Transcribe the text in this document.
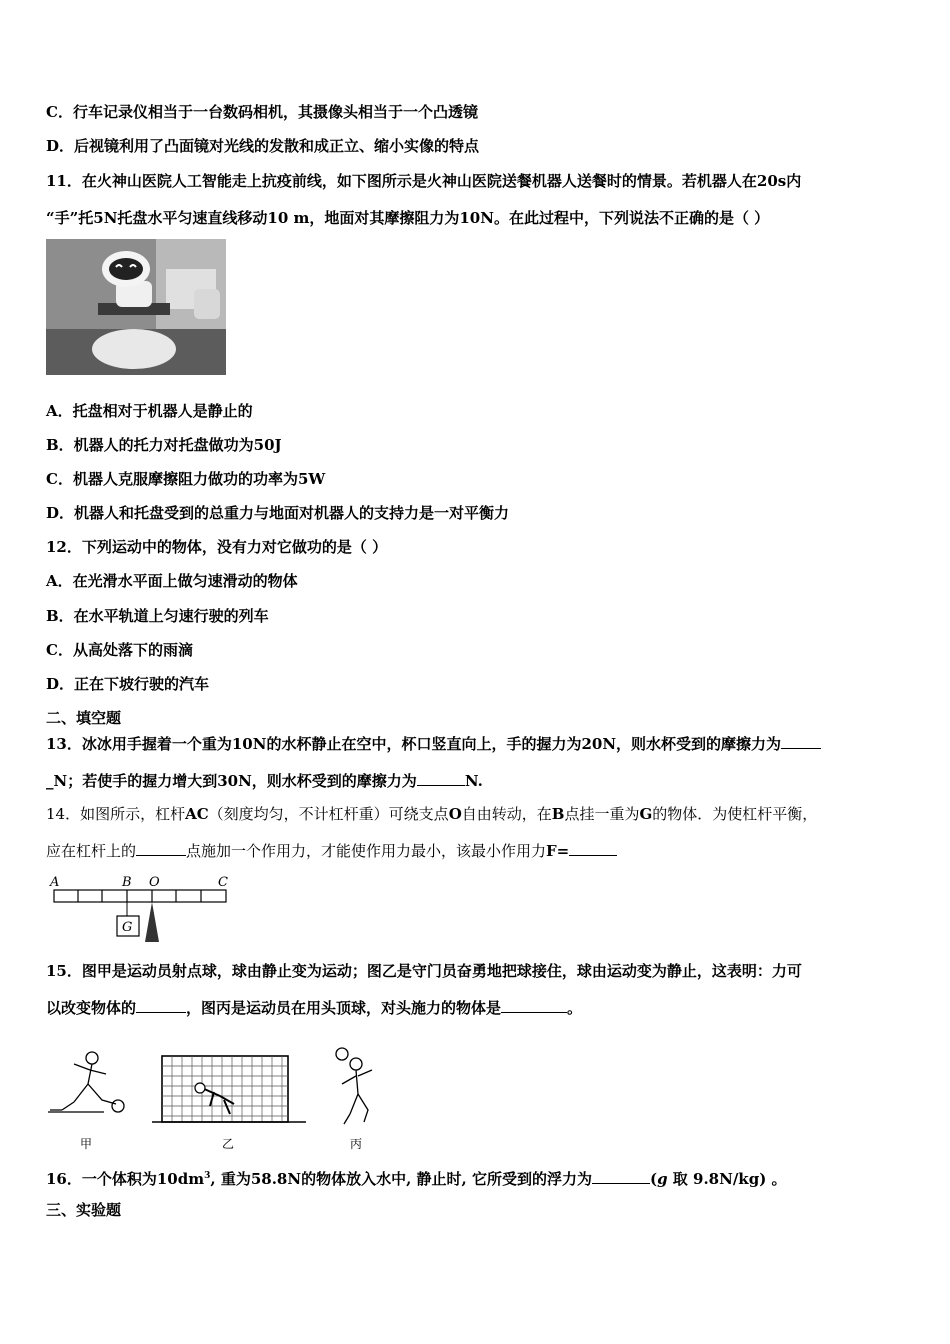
C．行车记录仪相当于一台数码相机，其摄像头相当于一个凸透镜
D．后视镜利用了凸面镜对光线的发散和成正立、缩小实像的特点
11．在火神山医院人工智能走上抗疫前线，如下图所示是火神山医院送餐机器人送餐时的情景。若机器人在20s内
“手”托5N托盘水平匀速直线移动10 m，地面对其摩擦阻力为10N。在此过程中，下列说法不正确的是（ ）
A．托盘相对于机器人是静止的
B．机器人的托力对托盘做功为50J
C．机器人克服摩擦阻力做功的功率为5W
D．机器人和托盘受到的总重力与地面对机器人的支持力是一对平衡力
12．下列运动中的物体，没有力对它做功的是（ ）
A．在光滑水平面上做匀速滑动的物体
B．在水平轨道上匀速行驶的列车
C．从高处落下的雨滴
D．正在下坡行驶的汽车
二、填空题
13．冰冰用手握着一个重为10N的水杯静止在空中，杯口竖直向上，手的握力为20N，则水杯受到的摩擦力为
_N；若使手的握力增大到30N，则水杯受到的摩擦力为	N.
14．如图所示，杠杆AC（刻度均匀，不计杠杆重）可绕支点O自由转动，在B点挂一重为G的物体．为使杠杆平衡，
应在杠杆上的	点施加一个作用力，才能使作用力最小，该最小作用力F=
A	B O	C
G
15．图甲是运动员射点球，球由静止变为运动；图乙是守门员奋勇地把球接住，球由运动变为静止，这表明：力可
以改变物体的	，图丙是运动员在用头顶球，对头施力的物体是	。
甲	乙	丙
16．一个体积为$10dm^3$, 重为58.8N的物体放入水中, 静止时, 它所受到的浮力为	(g 取 9.8N/kg) 。
三、实验题
